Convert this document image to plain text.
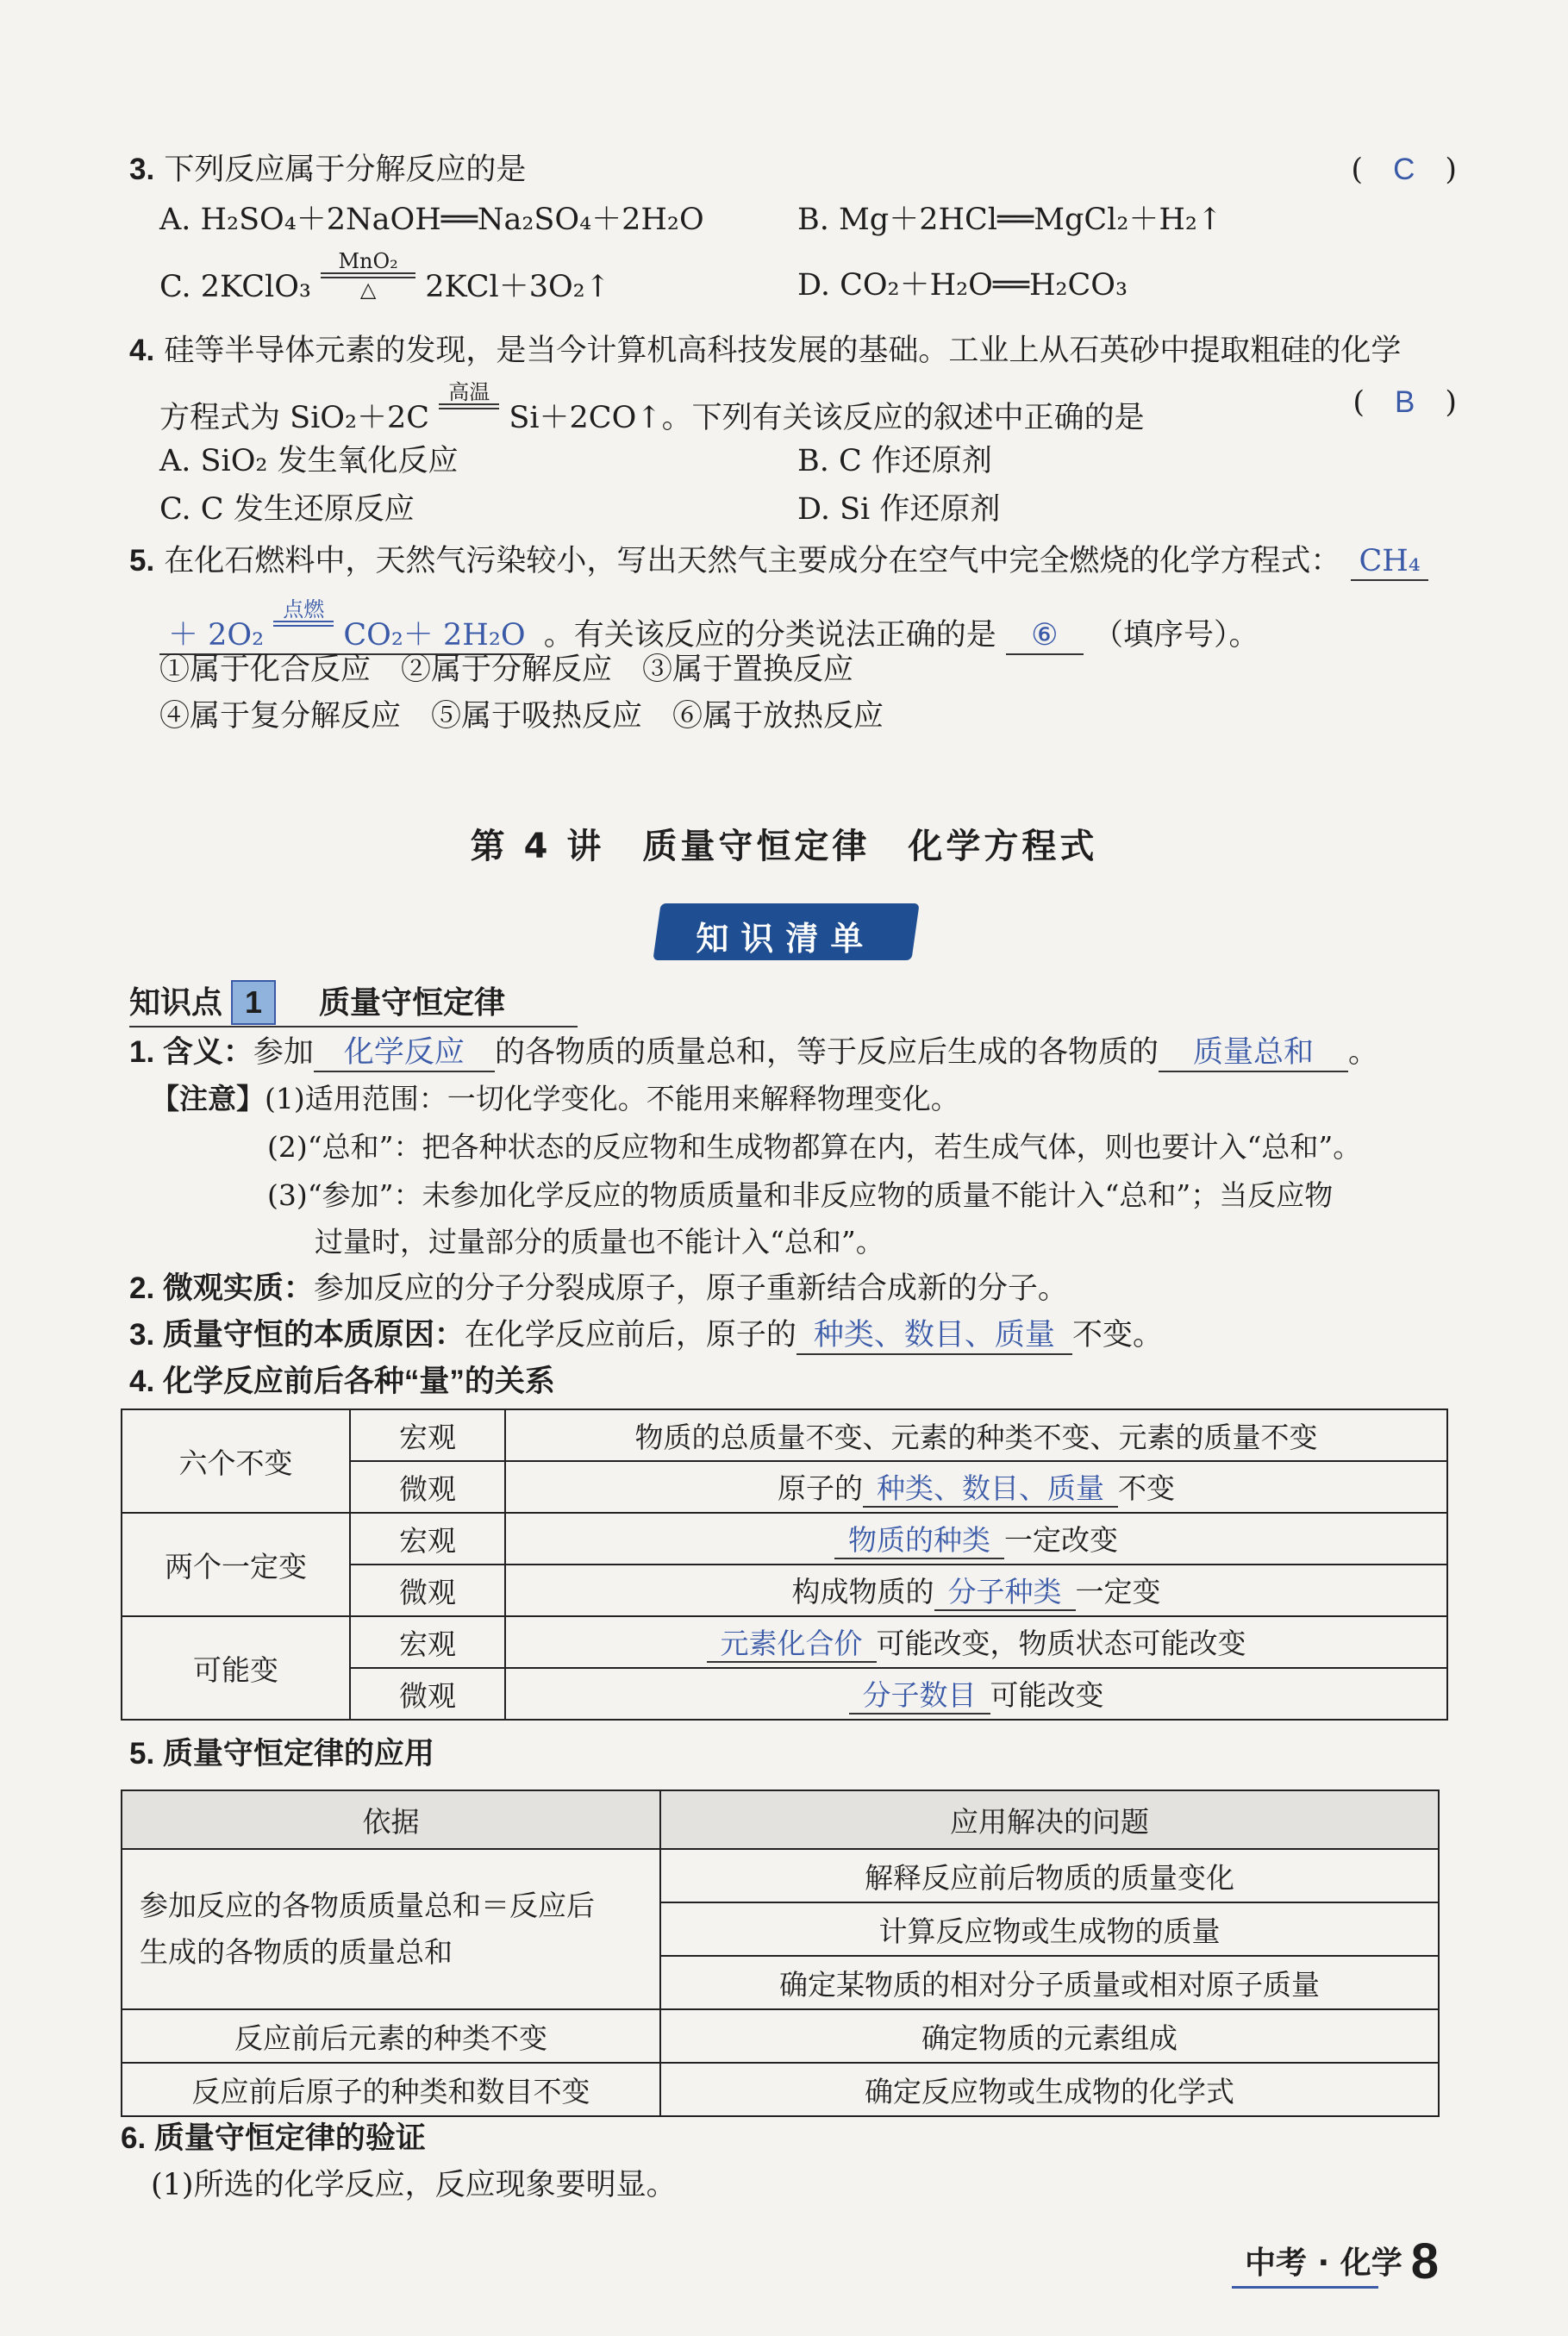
3. 下列反应属于分解反应的是	(　C　)
A. H₂SO₄＋2NaOH══Na₂SO₄＋2H₂O	B. Mg＋2HCl══MgCl₂＋H₂↑
C. 2KClO₃
MnO₂
△	2KCl＋3O₂↑	D. CO₂＋H₂O══H₂CO₃
4. 硅等半导体元素的发现，是当今计算机高科技发展的基础。工业上从石英砂中提取粗硅的化学
方程式为 SiO₂＋2C
高温

Si＋2CO↑。下列有关该反应的叙述中正确的是	(　B　)
A. SiO₂ 发生氧化反应	B. C 作还原剂
C. C 发生还原反应	D. Si 作还原剂
5. 在化石燃料中，天然气污染较小，写出天然气主要成分在空气中完全燃烧的化学方程式： CH₄
＋ 2O₂
点燃

CO₂＋ 2H₂O 。有关该反应的分类说法正确的是 ⑥ （填序号）。
①属于化合反应　②属于分解反应　③属于置换反应
④属于复分解反应　⑤属于吸热反应　⑥属于放热反应
第 4 讲　质量守恒定律　化学方程式
知识清单
知识点 1 质量守恒定律
1. 含义：参加 化学反应 的各物质的质量总和，等于反应后生成的各物质的 质量总和 。
【注意】(1)适用范围：一切化学变化。不能用来解释物理变化。
(2)“总和”：把各种状态的反应物和生成物都算在内，若生成气体，则也要计入“总和”。
(3)“参加”：未参加化学反应的物质质量和非反应物的质量不能计入“总和”；当反应物
过量时，过量部分的质量也不能计入“总和”。
2. 微观实质：参加反应的分子分裂成原子，原子重新结合成新的分子。
3. 质量守恒的本质原因：在化学反应前后，原子的 种类、数目、质量 不变。
4. 化学反应前后各种“量”的关系
六个不变	宏观	物质的总质量不变、元素的种类不变、元素的质量不变
	微观	原子的 种类、数目、质量 不变
两个一定变	宏观	物质的种类 一定改变
	微观	构成物质的 分子种类 一定变
可能变	宏观	元素化合价 可能改变，物质状态可能改变
	微观	分子数目 可能改变
5. 质量守恒定律的应用
依据	应用解决的问题

参加反应的各物质质量总和＝反应后
生成的各物质的质量总和	解释反应前后物质的质量变化
	计算反应物或生成物的质量
	确定某物质的相对分子质量或相对原子质量
反应前后元素的种类不变	确定物质的元素组成
反应前后原子的种类和数目不变	确定反应物或生成物的化学式
6. 质量守恒定律的验证
(1)所选的化学反应，反应现象要明显。
中考 · 化学 8
